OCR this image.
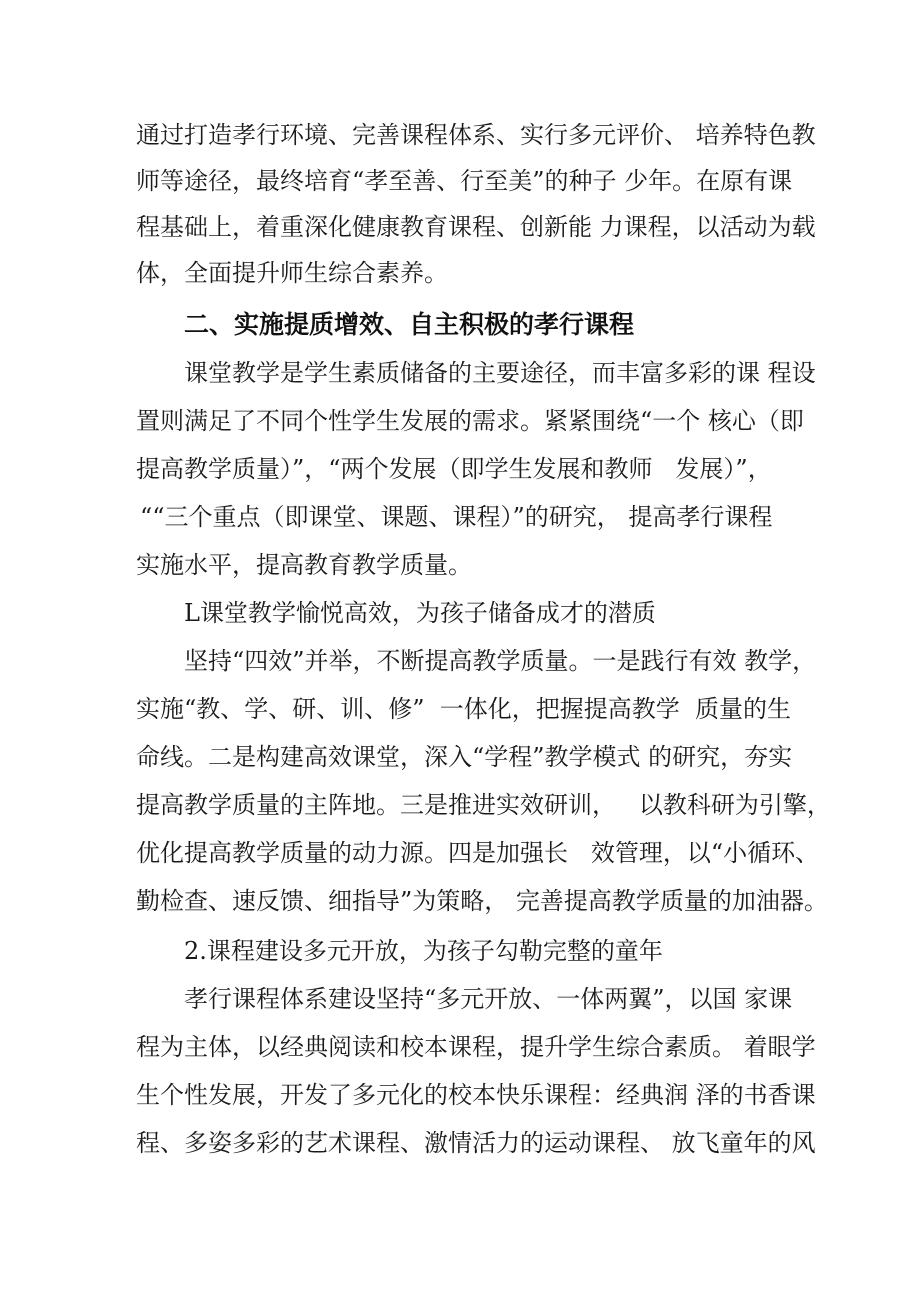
通过打造孝行环境、完善课程体系、实行多元评价、 培养特色教
师等途径，最终培育“孝至善、行至美”的种子 少年。在原有课
程基础上，着重深化健康教育课程、创新能 力课程，以活动为载
体，全面提升师生综合素养。
二、实施提质增效、自主积极的孝行课程
课堂教学是学生素质储备的主要途径，而丰富多彩的课 程设
置则满足了不同个性学生发展的需求。紧紧围绕“一个 核心（即
提高教学质量）”，“两个发展（即学生发展和教师   发展）”，
““三个重点（即课堂、课题、课程）”的研究， 提高孝行课程
实施水平，提高教育教学质量。
L课堂教学愉悦高效，为孩子储备成才的潜质
坚持“四效”并举，不断提高教学质量。一是践行有效 教学，
实施“教、学、研、训、修”  一体化，把握提高教学  质量的生
命线。二是构建高效课堂，深入“学程”教学模式 的研究，夯实
提高教学质量的主阵地。三是推进实效研训，   以教科研为引擎，
优化提高教学质量的动力源。四是加强长   效管理，以“小循环、
勤检查、速反馈、细指导”为策略， 完善提高教学质量的加油器。
2.课程建设多元开放，为孩子勾勒完整的童年
孝行课程体系建设坚持“多元开放、一体两翼”，以国 家课
程为主体，以经典阅读和校本课程，提升学生综合素质。 着眼学
生个性发展，开发了多元化的校本快乐课程：经典润 泽的书香课
程、多姿多彩的艺术课程、激情活力的运动课程、 放飞童年的风
